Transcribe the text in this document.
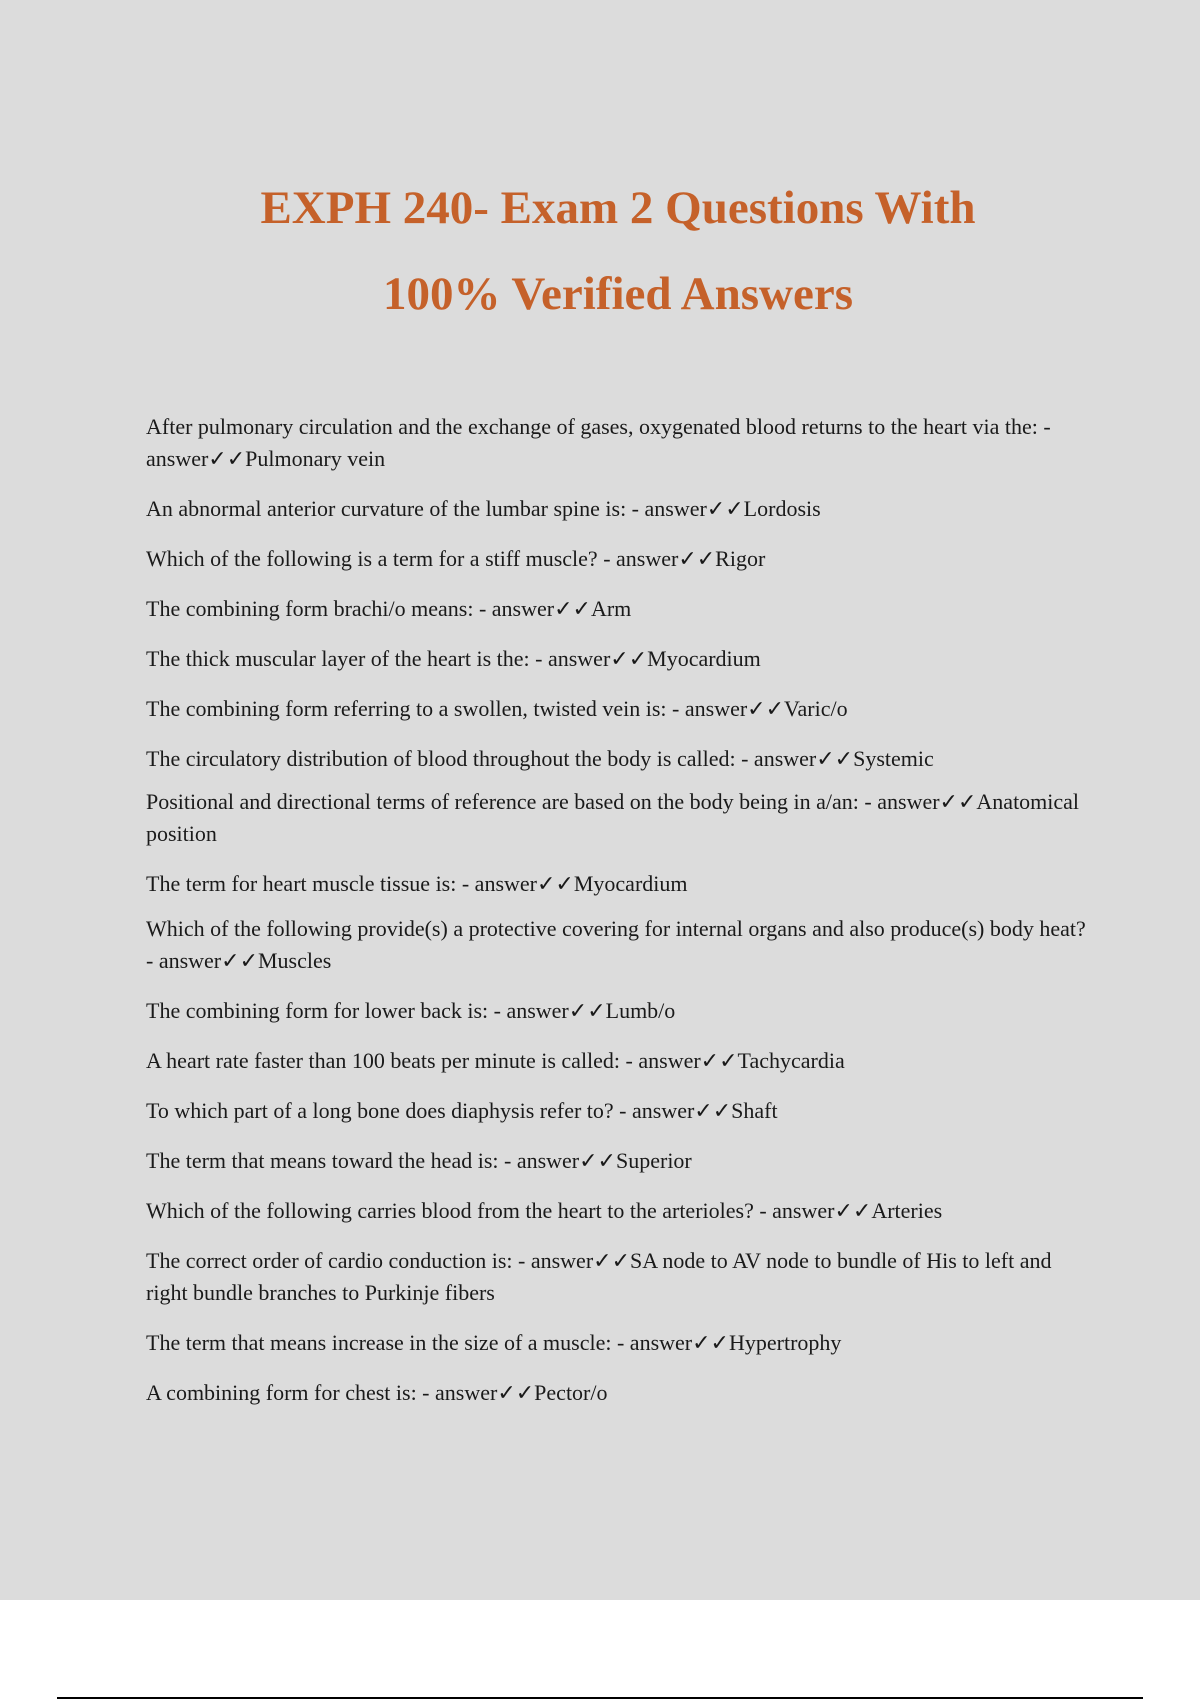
EXPH 240- Exam 2 Questions With
100% Verified Answers

After pulmonary circulation and the exchange of gases, oxygenated blood returns to the heart via the: - answer✓✓Pulmonary vein

An abnormal anterior curvature of the lumbar spine is: - answer✓✓Lordosis

Which of the following is a term for a stiff muscle? - answer✓✓Rigor

The combining form brachi/o means: - answer✓✓Arm

The thick muscular layer of the heart is the: - answer✓✓Myocardium

The combining form referring to a swollen, twisted vein is: - answer✓✓Varic/o

The circulatory distribution of blood throughout the body is called: - answer✓✓Systemic

Positional and directional terms of reference are based on the body being in a/an: - answer✓✓Anatomical position

The term for heart muscle tissue is: - answer✓✓Myocardium

Which of the following provide(s) a protective covering for internal organs and also produce(s) body heat? - answer✓✓Muscles

The combining form for lower back is: - answer✓✓Lumb/o

A heart rate faster than 100 beats per minute is called: - answer✓✓Tachycardia

To which part of a long bone does diaphysis refer to? - answer✓✓Shaft

The term that means toward the head is: - answer✓✓Superior

Which of the following carries blood from the heart to the arterioles? - answer✓✓Arteries

The correct order of cardio conduction is: - answer✓✓SA node to AV node to bundle of His to left and right bundle branches to Purkinje fibers

The term that means increase in the size of a muscle: - answer✓✓Hypertrophy

A combining form for chest is: - answer✓✓Pector/o
